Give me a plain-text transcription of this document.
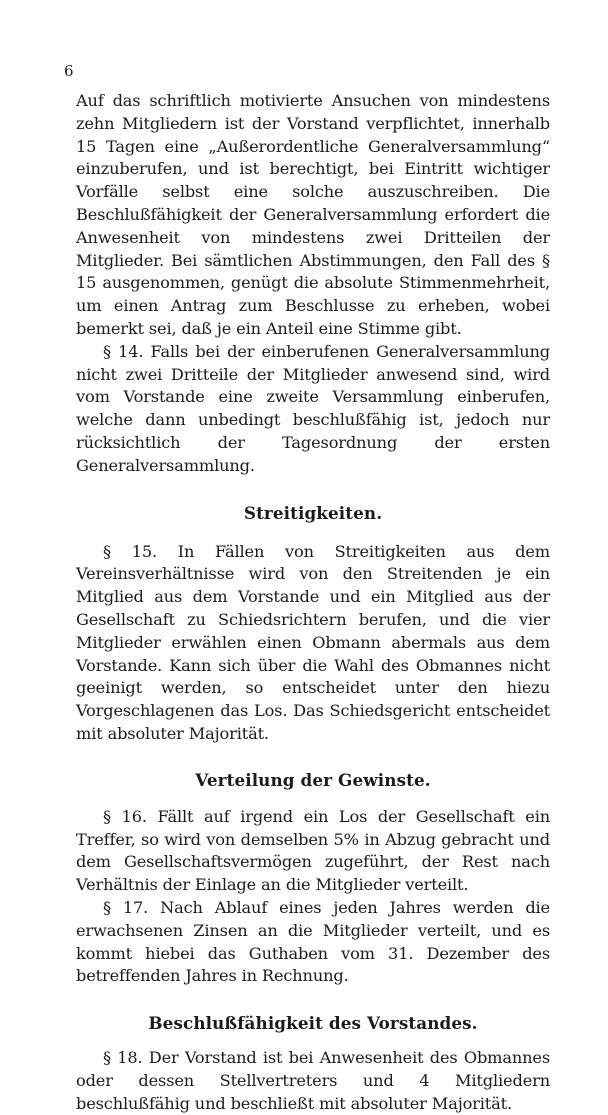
6

Auf das schriftlich motivierte Ansuchen von mindestens zehn Mitgliedern ist der Vorstand verpflichtet, innerhalb 15 Tagen eine „Außerordentliche Generalversammlung“ einzuberufen, und ist berechtigt, bei Eintritt wichtiger Vorfälle selbst eine solche auszuschreiben. Die Beschlußfähigkeit der Generalversammlung erfordert die Anwesenheit von mindestens zwei Dritteilen der Mitglieder. Bei sämtlichen Abstimmungen, den Fall des § 15 ausgenommen, genügt die absolute Stimmenmehrheit, um einen Antrag zum Beschlusse zu erheben, wobei bemerkt sei, daß je ein Anteil eine Stimme gibt.

§ 14. Falls bei der einberufenen Generalversammlung nicht zwei Dritteile der Mitglieder anwesend sind, wird vom Vorstande eine zweite Versammlung einberufen, welche dann unbedingt beschlußfähig ist, jedoch nur rücksichtlich der Tagesordnung der ersten Generalversammlung.

Streitigkeiten.

§ 15. In Fällen von Streitigkeiten aus dem Vereinsverhältnisse wird von den Streitenden je ein Mitglied aus dem Vorstande und ein Mitglied aus der Gesellschaft zu Schiedsrichtern berufen, und die vier Mitglieder erwählen einen Obmann abermals aus dem Vorstande. Kann sich über die Wahl des Obmannes nicht geeinigt werden, so entscheidet unter den hiezu Vorgeschlagenen das Los. Das Schiedsgericht entscheidet mit absoluter Majorität.

Verteilung der Gewinste.

§ 16. Fällt auf irgend ein Los der Gesellschaft ein Treffer, so wird von demselben 5% in Abzug gebracht und dem Gesellschaftsvermögen zugeführt, der Rest nach Verhältnis der Einlage an die Mitglieder verteilt.

§ 17. Nach Ablauf eines jeden Jahres werden die erwachsenen Zinsen an die Mitglieder verteilt, und es kommt hiebei das Guthaben vom 31. Dezember des betreffenden Jahres in Rechnung.

Beschlußfähigkeit des Vorstandes.

§ 18. Der Vorstand ist bei Anwesenheit des Obmannes oder dessen Stellvertreters und 4 Mitgliedern beschlußfähig und beschließt mit absoluter Majorität.
